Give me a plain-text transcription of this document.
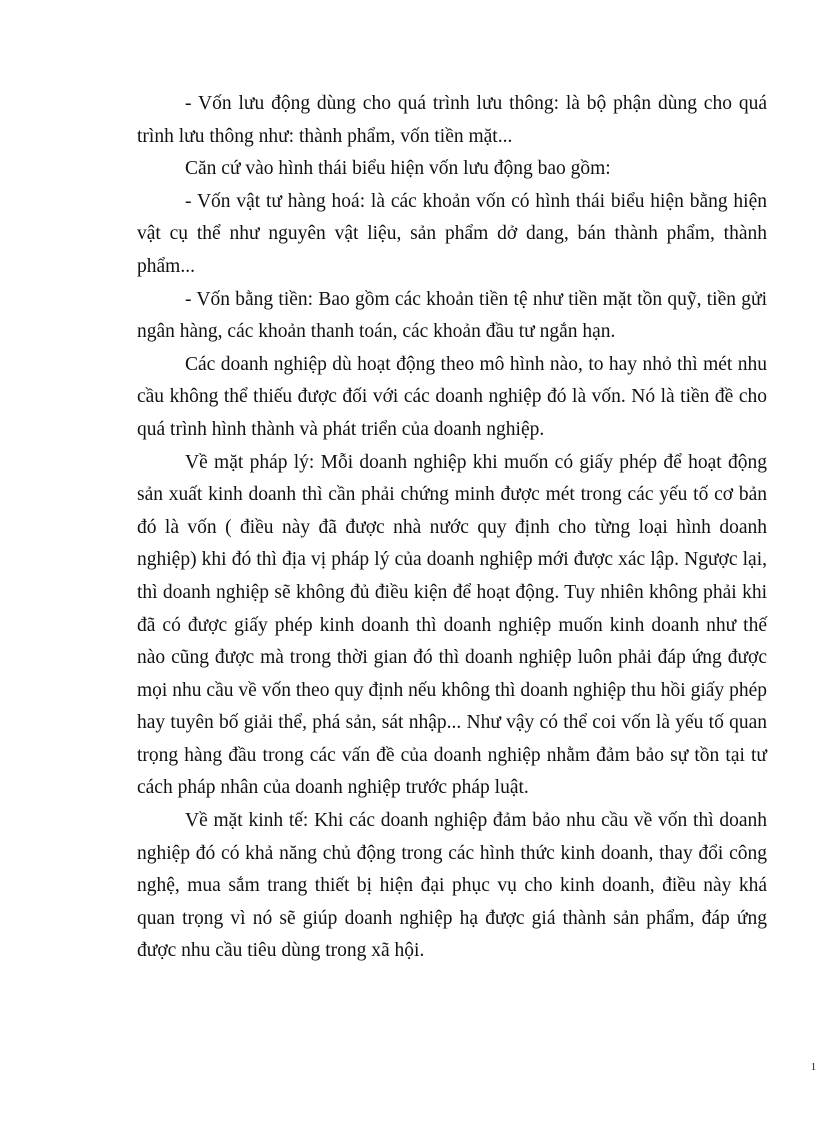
- Vốn lưu động dùng cho quá trình lưu thông: là bộ phận dùng cho quá trình lưu thông như: thành phẩm, vốn tiền mặt...

Căn cứ vào hình thái biểu hiện vốn lưu động bao gồm:

- Vốn vật tư hàng hoá: là các khoản vốn có hình thái biểu hiện bằng hiện vật cụ thể như nguyên vật liệu, sản phẩm dở dang, bán thành phẩm, thành phẩm...

- Vốn bằng tiền: Bao gồm các khoản tiền tệ như tiền mặt tồn quỹ, tiền gửi ngân hàng, các khoản thanh toán, các khoản đầu tư ngắn hạn.

Các doanh nghiệp dù hoạt động theo mô hình nào, to hay nhỏ thì mét nhu cầu không thể thiếu được đối với các doanh nghiệp đó là vốn. Nó là tiền đề cho quá trình hình thành và phát triển của doanh nghiệp.

Về mặt pháp lý: Mỗi doanh nghiệp khi muốn có giấy phép để hoạt động sản xuất kinh doanh thì cần phải chứng minh được mét trong các yếu tố cơ bản đó là vốn ( điều này đã được nhà nước quy định cho từng loại hình doanh nghiệp) khi đó thì địa vị pháp lý của doanh nghiệp mới được xác lập. Ngược lại, thì doanh nghiệp sẽ không đủ điều kiện để hoạt động. Tuy nhiên không phải khi đã có được giấy phép kinh doanh thì doanh nghiệp muốn kinh doanh như thế nào cũng được mà trong thời gian đó thì doanh nghiệp luôn phải đáp ứng được mọi nhu cầu về vốn theo quy định nếu không thì doanh nghiệp thu hồi giấy phép hay tuyên bố giải thể, phá sản, sát nhập... Như vậy có thể coi vốn là yếu tố quan trọng hàng đầu trong các vấn đề của doanh nghiệp nhằm đảm bảo sự tồn tại tư cách pháp nhân của doanh nghiệp trước pháp luật.

Về mặt kinh tế: Khi các doanh nghiệp đảm bảo nhu cầu về vốn thì doanh nghiệp đó có khả năng chủ động trong các hình thức kinh doanh, thay đổi công nghệ, mua sắm trang thiết bị hiện đại phục vụ cho kinh doanh, điều này khá quan trọng vì nó sẽ giúp doanh nghiệp hạ được giá thành sản phẩm, đáp ứng được nhu cầu tiêu dùng trong xã hội.

1
